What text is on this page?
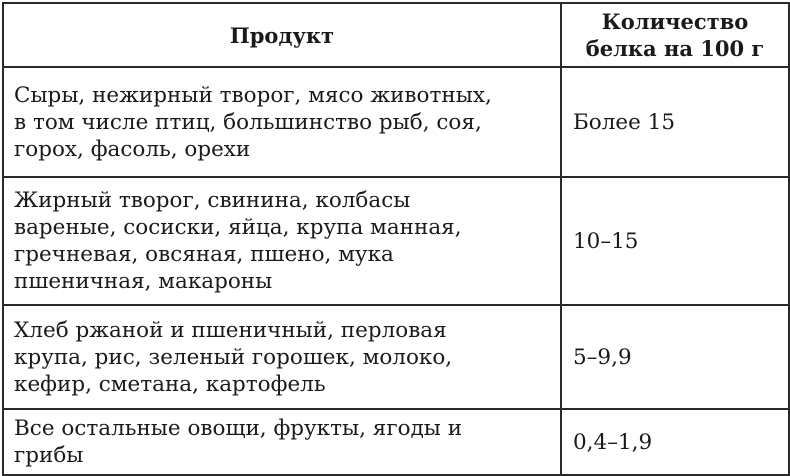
Продукт	Количество
белка на 100 г
Сыры, нежирный творог, мясо животных,
в том числе птиц, большинство рыб, соя,
горох, фасоль, орехи	Более 15
Жирный творог, свинина, колбасы
вареные, сосиски, яйца, крупа манная,
гречневая, овсяная, пшено, мука
пшеничная, макароны	10–15
Хлеб ржаной и пшеничный, перловая
крупа, рис, зеленый горошек, молоко,
кефир, сметана, картофель	5–9,9
Все остальные овощи, фрукты, ягоды и
грибы	0,4–1,9
